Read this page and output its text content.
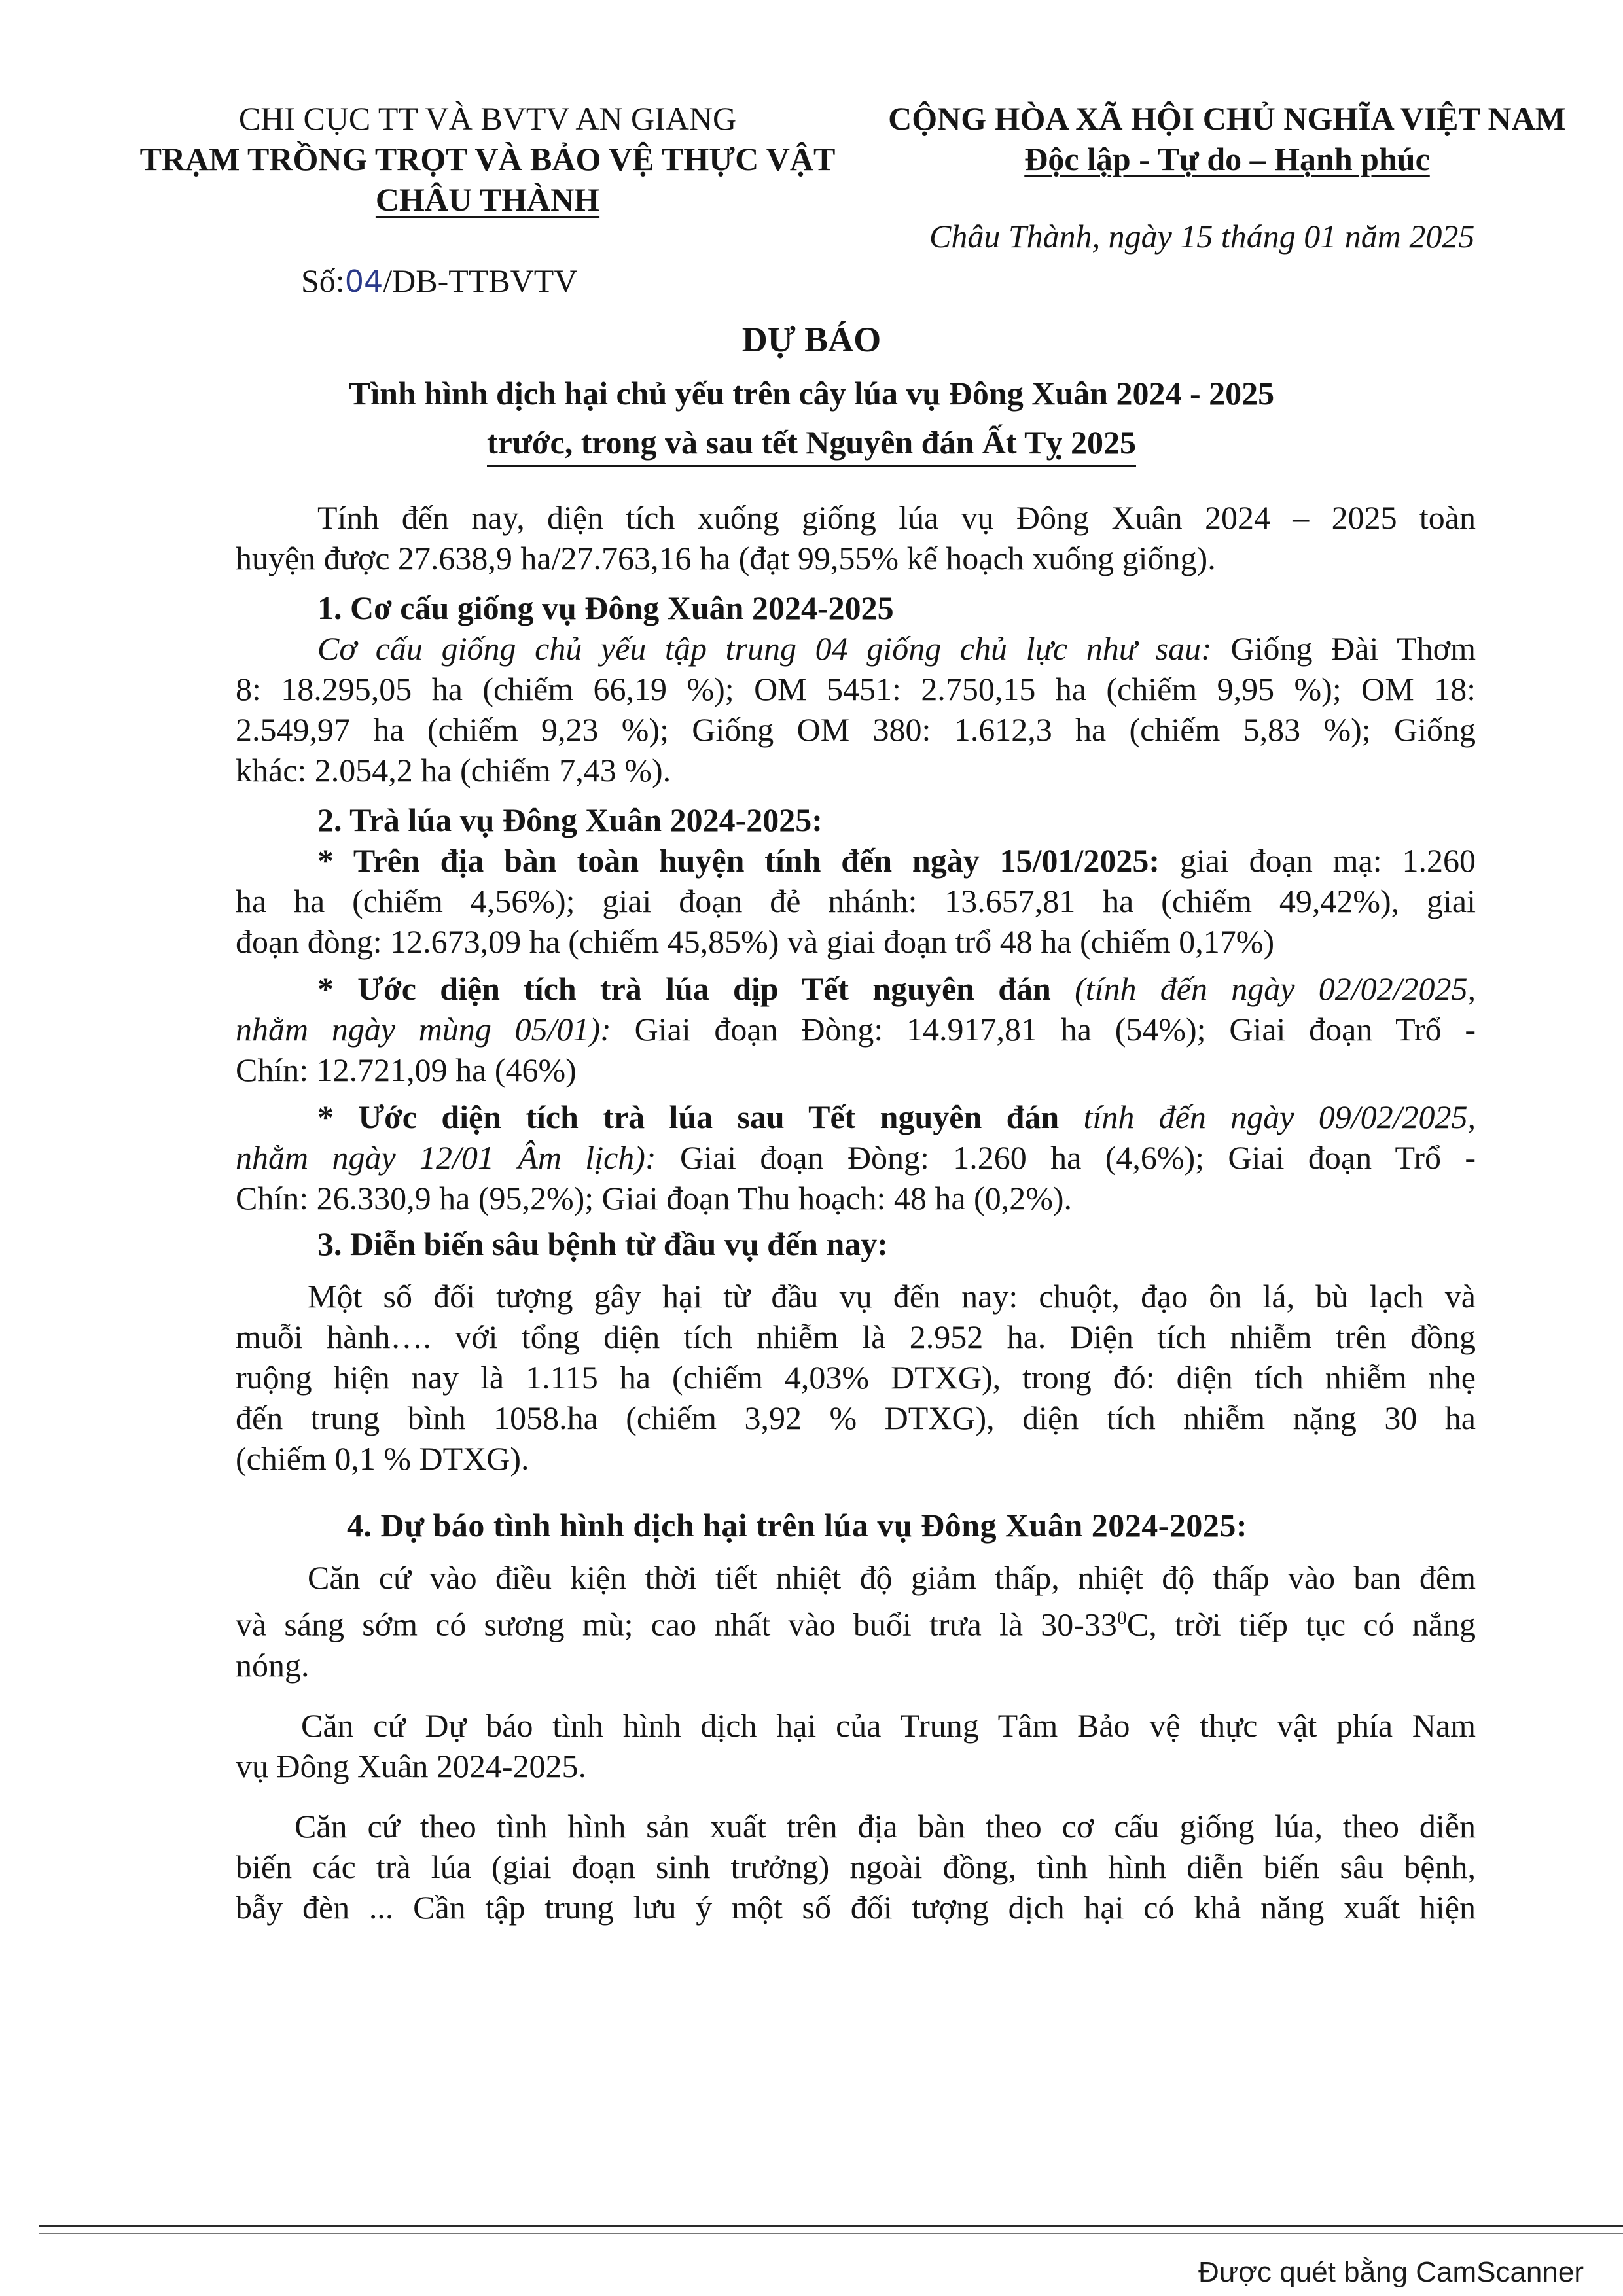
CHI CỤC TT VÀ BVTV AN GIANG
TRẠM TRỒNG TRỌT VÀ BẢO VỆ THỰC VẬT
CHÂU THÀNH
Số:04/DB-TTBVTV
CỘNG HÒA XÃ HỘI CHỦ NGHĨA VIỆT NAM
Độc lập - Tự do – Hạnh phúc
Châu Thành, ngày 15 tháng 01 năm 2025
DỰ BÁO
Tình hình dịch hại chủ yếu trên cây lúa vụ Đông Xuân 2024 - 2025
trước, trong và sau tết Nguyên đán Ất Tỵ 2025
Tính đến nay, diện tích xuống giống lúa vụ Đông Xuân 2024 – 2025 toàn
huyện được 27.638,9 ha/27.763,16 ha (đạt 99,55% kế hoạch xuống giống).
1. Cơ cấu giống vụ Đông Xuân 2024-2025
Cơ cấu giống chủ yếu tập trung 04 giống chủ lực như sau: Giống Đài Thơm
8: 18.295,05 ha (chiếm 66,19 %); OM 5451: 2.750,15 ha (chiếm 9,95 %); OM 18:
2.549,97 ha (chiếm 9,23 %); Giống OM 380: 1.612,3 ha (chiếm 5,83 %); Giống
khác: 2.054,2 ha (chiếm 7,43 %).
2. Trà lúa vụ Đông Xuân 2024-2025:
* Trên địa bàn toàn huyện tính đến ngày 15/01/2025: giai đoạn mạ: 1.260
ha ha (chiếm 4,56%); giai đoạn đẻ nhánh: 13.657,81 ha (chiếm 49,42%), giai
đoạn đòng: 12.673,09 ha (chiếm 45,85%) và giai đoạn trổ 48 ha (chiếm 0,17%)
* Ước diện tích trà lúa dịp Tết nguyên đán (tính đến ngày 02/02/2025,
nhằm ngày mùng 05/01): Giai đoạn Đòng: 14.917,81 ha (54%); Giai đoạn Trổ -
Chín: 12.721,09 ha (46%)
* Ước diện tích trà lúa sau Tết nguyên đán tính đến ngày 09/02/2025,
nhằm ngày 12/01 Âm lịch): Giai đoạn Đòng: 1.260 ha (4,6%); Giai đoạn Trổ -
Chín: 26.330,9 ha (95,2%); Giai đoạn Thu hoạch: 48 ha (0,2%).
3. Diễn biến sâu bệnh từ đầu vụ đến nay:
Một số đối tượng gây hại từ đầu vụ đến nay: chuột, đạo ôn lá, bù lạch và
muỗi hành…. với tổng diện tích nhiễm là 2.952 ha. Diện tích nhiễm trên đồng
ruộng hiện nay là 1.115 ha (chiếm 4,03% DTXG), trong đó: diện tích nhiễm nhẹ
đến trung bình 1058.ha (chiếm 3,92 % DTXG), diện tích nhiễm nặng 30 ha
(chiếm 0,1 % DTXG).
4. Dự báo tình hình dịch hại trên lúa vụ Đông Xuân 2024-2025:
Căn cứ vào điều kiện thời tiết nhiệt độ giảm thấp, nhiệt độ thấp vào ban đêm
và sáng sớm có sương mù; cao nhất vào buổi trưa là $30-33^0C$, trời tiếp tục có nắng
nóng.
Căn cứ Dự báo tình hình dịch hại của Trung Tâm Bảo vệ thực vật phía Nam
vụ Đông Xuân 2024-2025.
Căn cứ theo tình hình sản xuất trên địa bàn theo cơ cấu giống lúa, theo diễn
biến các trà lúa (giai đoạn sinh trưởng) ngoài đồng, tình hình diễn biến sâu bệnh,
bẫy đèn ... Cần tập trung lưu ý một số đối tượng dịch hại có khả năng xuất hiện
Được quét bằng CamScanner
